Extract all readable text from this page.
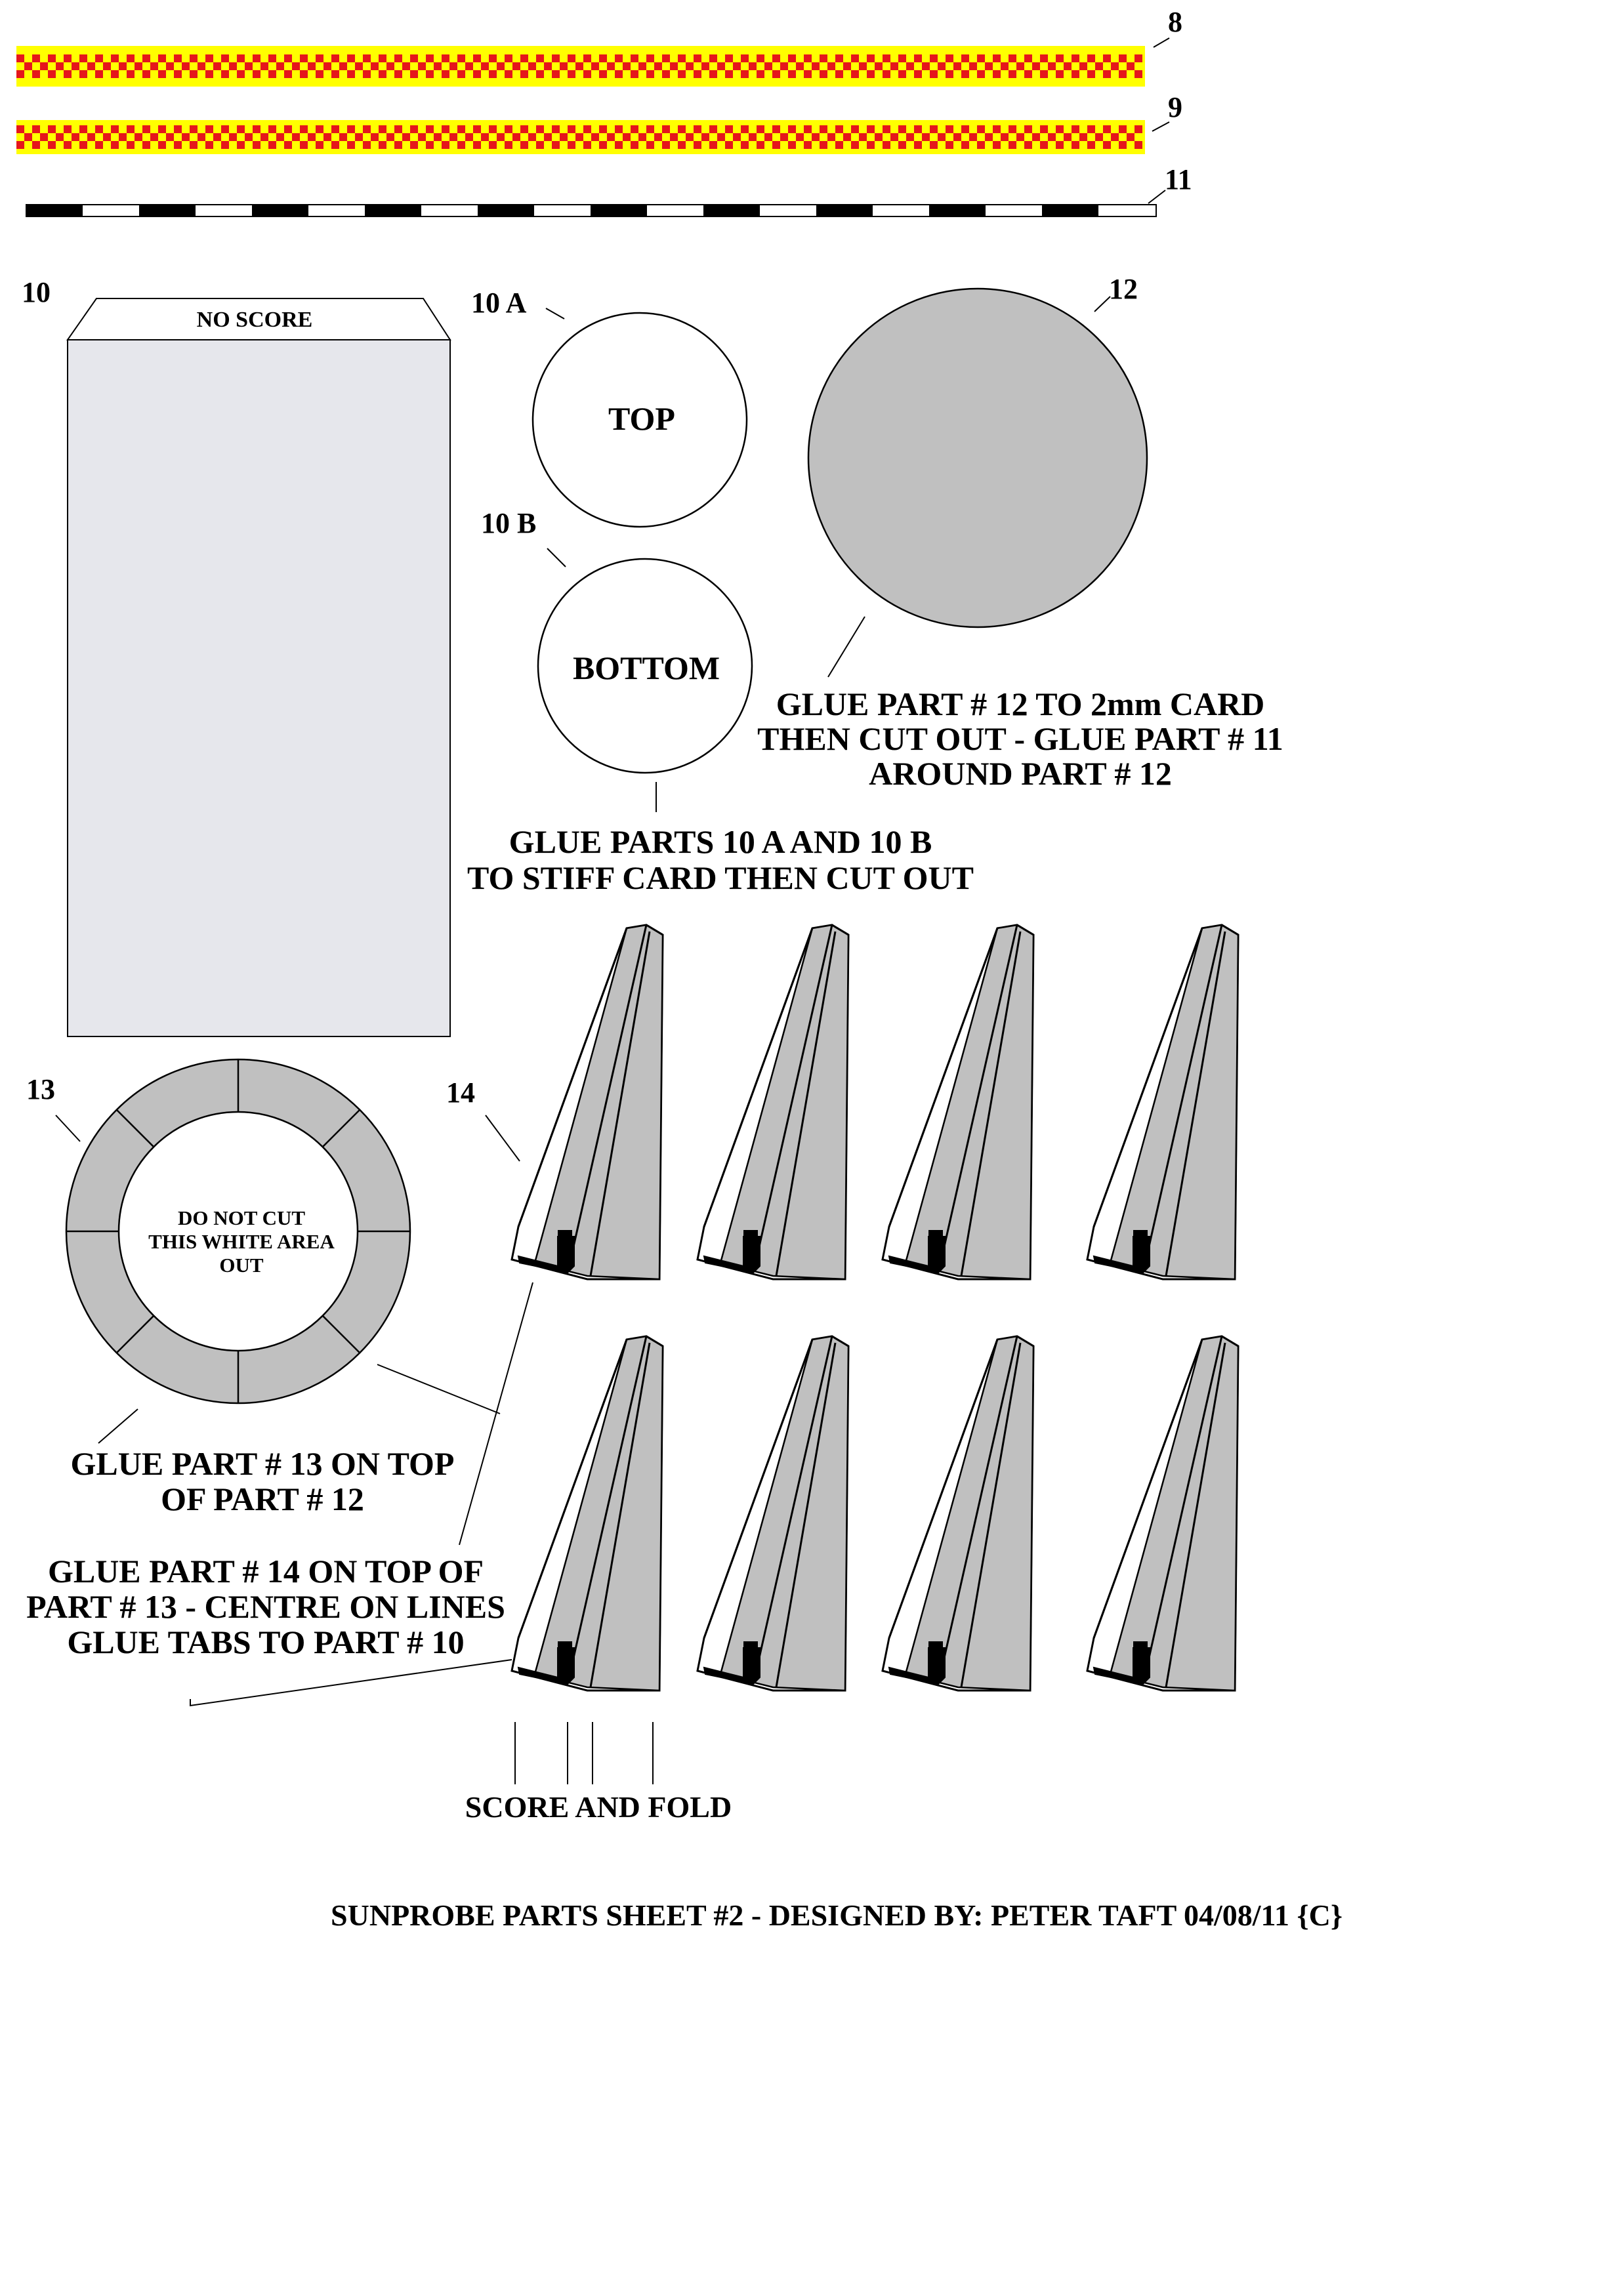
8
9
11
NO SCORE
10	10 A
TOP
10 B
BOTTOM
GLUE PARTS 10 A AND 10 B
TO STIFF CARD THEN CUT OUT
12
GLUE PART # 12 TO 2mm CARD
THEN CUT OUT - GLUE PART # 11
AROUND PART # 12
13
DO NOT CUT
THIS WHITE AREA
OUT
GLUE PART # 13 ON TOP
OF PART # 12
GLUE PART # 14 ON TOP OF
PART # 13 - CENTRE ON LINES
GLUE TABS TO PART # 10
14
SCORE AND FOLD
SUNPROBE PARTS SHEET #2 - DESIGNED BY: PETER TAFT 04/08/11 {C}
